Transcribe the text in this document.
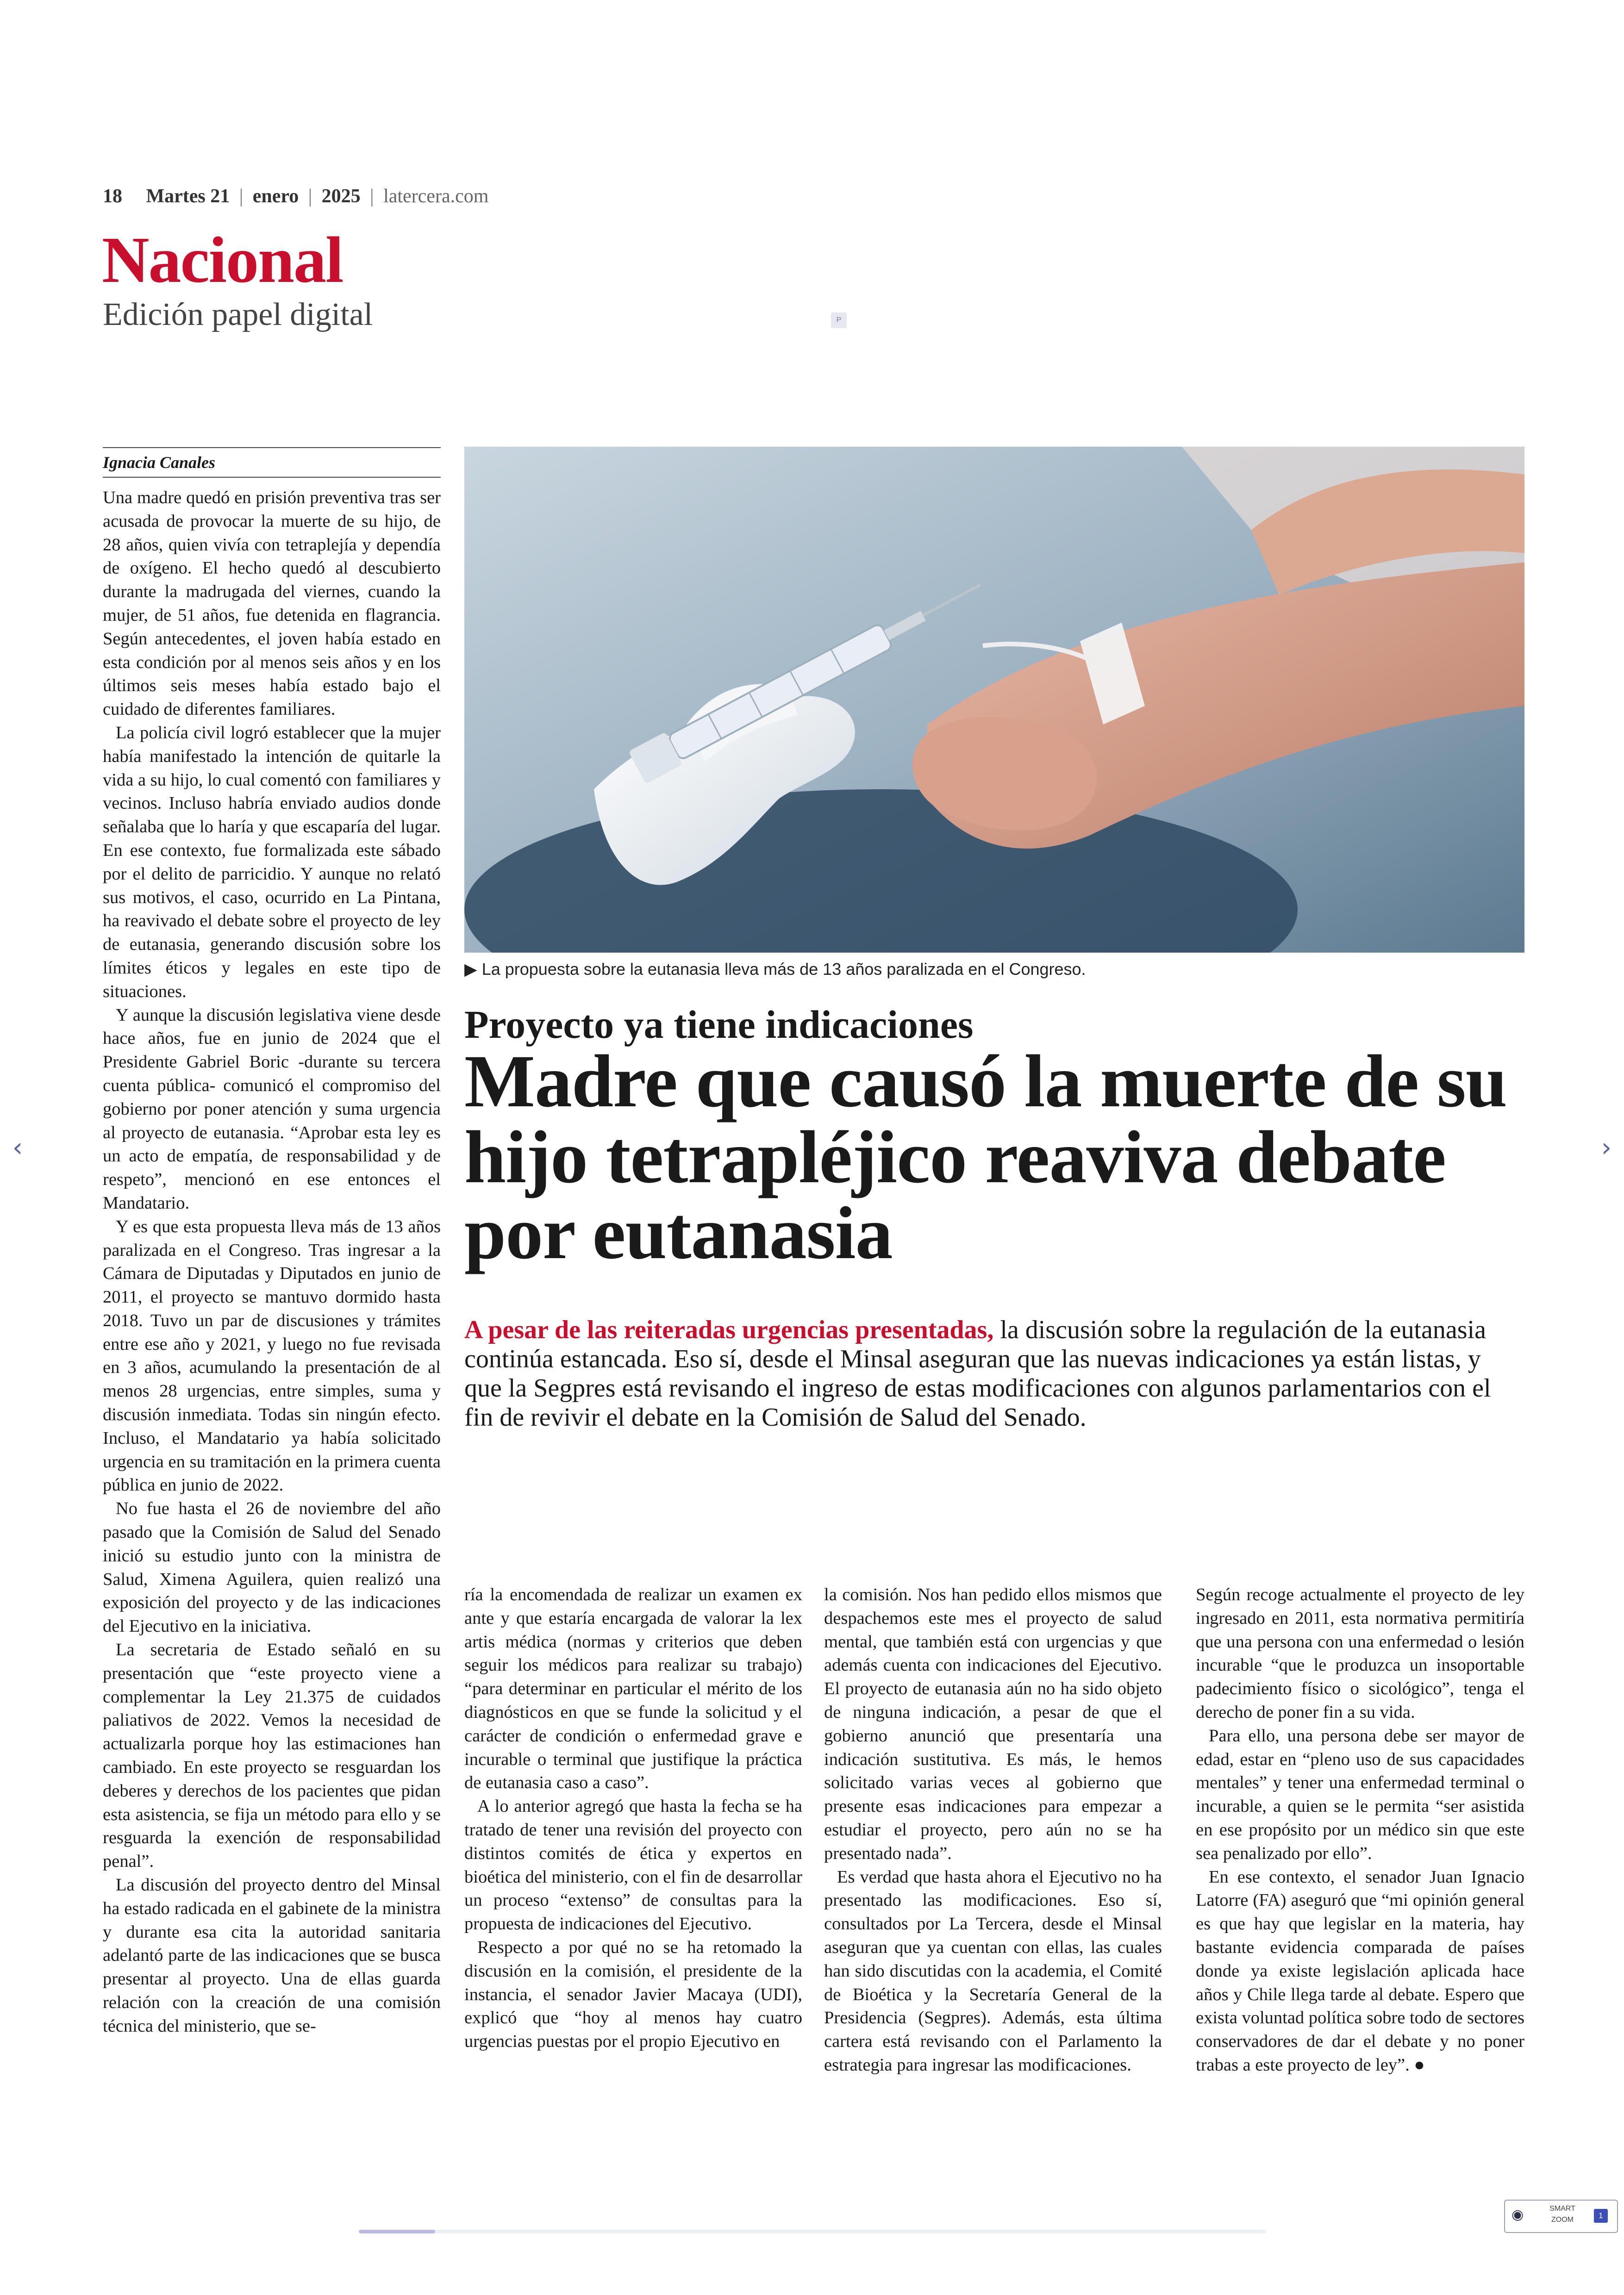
18 Martes 21 | enero | 2025 | latercera.com
Nacional
Edición papel digital	P
Ignacia Canales

Una madre quedó en prisión preventiva tras ser acusada de provocar la muerte de su hijo, de 28 años, quien vivía con tetraplejía y dependía de oxígeno. El hecho quedó al descubierto durante la madrugada del viernes, cuando la mujer, de 51 años, fue detenida en flagrancia. Según antecedentes, el joven había estado en esta condición por al menos seis años y en los últimos seis meses había estado bajo el cuidado de diferentes familiares.

La policía civil logró establecer que la mujer había manifestado la intención de quitarle la vida a su hijo, lo cual comentó con familiares y vecinos. Incluso habría enviado audios donde señalaba que lo haría y que escaparía del lugar. En ese contexto, fue formalizada este sábado por el delito de parricidio. Y aunque no relató sus motivos, el caso, ocurrido en La Pintana, ha reavivado el debate sobre el proyecto de ley de eutanasia, generando discusión sobre los límites éticos y legales en este tipo de situaciones.

Y aunque la discusión legislativa viene desde hace años, fue en junio de 2024 que el Presidente Gabriel Boric -durante su tercera cuenta pública- comunicó el compromiso del gobierno por poner atención y suma urgencia al proyecto de eutanasia. “Aprobar esta ley es un acto de empatía, de responsabilidad y de respeto”, mencionó en ese entonces el Mandatario.

Y es que esta propuesta lleva más de 13 años paralizada en el Congreso. Tras ingresar a la Cámara de Diputadas y Diputados en junio de 2011, el proyecto se mantuvo dormido hasta 2018. Tuvo un par de discusiones y trámites entre ese año y 2021, y luego no fue revisada en 3 años, acumulando la presentación de al menos 28 urgencias, entre simples, suma y discusión inmediata. Todas sin ningún efecto. Incluso, el Mandatario ya había solicitado urgencia en su tramitación en la primera cuenta pública en junio de 2022.

No fue hasta el 26 de noviembre del año pasado que la Comisión de Salud del Senado inició su estudio junto con la ministra de Salud, Ximena Aguilera, quien realizó una exposición del proyecto y de las indicaciones del Ejecutivo en la iniciativa.

La secretaria de Estado señaló en su presentación que “este proyecto viene a complementar la Ley 21.375 de cuidados paliativos de 2022. Vemos la necesidad de actualizarla porque hoy las estimaciones han cambiado. En este proyecto se resguardan los deberes y derechos de los pacientes que pidan esta asistencia, se fija un método para ello y se resguarda la exención de responsabilidad penal”.

La discusión del proyecto dentro del Minsal ha estado radicada en el gabinete de la ministra y durante esa cita la autoridad sanitaria adelantó parte de las indicaciones que se busca presentar al proyecto. Una de ellas guarda relación con la creación de una comisión técnica del ministerio, que se-

▶ La propuesta sobre la eutanasia lleva más de 13 años paralizada en el Congreso.
Proyecto ya tiene indicaciones
Madre que causó la muerte de su hijo tetrapléjico reaviva debate por eutanasia
A pesar de las reiteradas urgencias presentadas, la discusión sobre la regulación de la eutanasia continúa estancada. Eso sí, desde el Minsal aseguran que las nuevas indicaciones ya están listas, y que la Segpres está revisando el ingreso de estas modificaciones con algunos parlamentarios con el fin de revivir el debate en la Comisión de Salud del Senado.

ría la encomendada de realizar un examen ex ante y que estaría encargada de valorar la lex artis médica (normas y criterios que deben seguir los médicos para realizar su trabajo) “para determinar en particular el mérito de los diagnósticos en que se funde la solicitud y el carácter de condición o enfermedad grave e incurable o terminal que justifique la práctica de eutanasia caso a caso”.

A lo anterior agregó que hasta la fecha se ha tratado de tener una revisión del proyecto con distintos comités de ética y expertos en bioética del ministerio, con el fin de desarrollar un proceso “extenso” de consultas para la propuesta de indicaciones del Ejecutivo.

Respecto a por qué no se ha retomado la discusión en la comisión, el presidente de la instancia, el senador Javier Macaya (UDI), explicó que “hoy al menos hay cuatro urgencias puestas por el propio Ejecutivo en

la comisión. Nos han pedido ellos mismos que despachemos este mes el proyecto de salud mental, que también está con urgencias y que además cuenta con indicaciones del Ejecutivo. El proyecto de eutanasia aún no ha sido objeto de ninguna indicación, a pesar de que el gobierno anunció que presentaría una indicación sustitutiva. Es más, le hemos solicitado varias veces al gobierno que presente esas indicaciones para empezar a estudiar el proyecto, pero aún no se ha presentado nada”.

Es verdad que hasta ahora el Ejecutivo no ha presentado las modificaciones. Eso sí, consultados por La Tercera, desde el Minsal aseguran que ya cuentan con ellas, las cuales han sido discutidas con la academia, el Comité de Bioética y la Secretaría General de la Presidencia (Segpres). Además, esta última cartera está revisando con el Parlamento la estrategia para ingresar las modificaciones.

Según recoge actualmente el proyecto de ley ingresado en 2011, esta normativa permitiría que una persona con una enfermedad o lesión incurable “que le produzca un insoportable padecimiento físico o sicológico”, tenga el derecho de poner fin a su vida.

Para ello, una persona debe ser mayor de edad, estar en “pleno uso de sus capacidades mentales” y tener una enfermedad terminal o incurable, a quien se le permita “ser asistida en ese propósito por un médico sin que este sea penalizado por ello”.

En ese contexto, el senador Juan Ignacio Latorre (FA) aseguró que “mi opinión general es que hay que legislar en la materia, hay bastante evidencia comparada de países donde ya existe legislación aplicada hace años y Chile llega tarde al debate. Espero que exista voluntad política sobre todo de sectores conservadores de dar el debate y no poner trabas a este proyecto de ley”. ●

‹	›
◉	SMART
ZOOM	1
